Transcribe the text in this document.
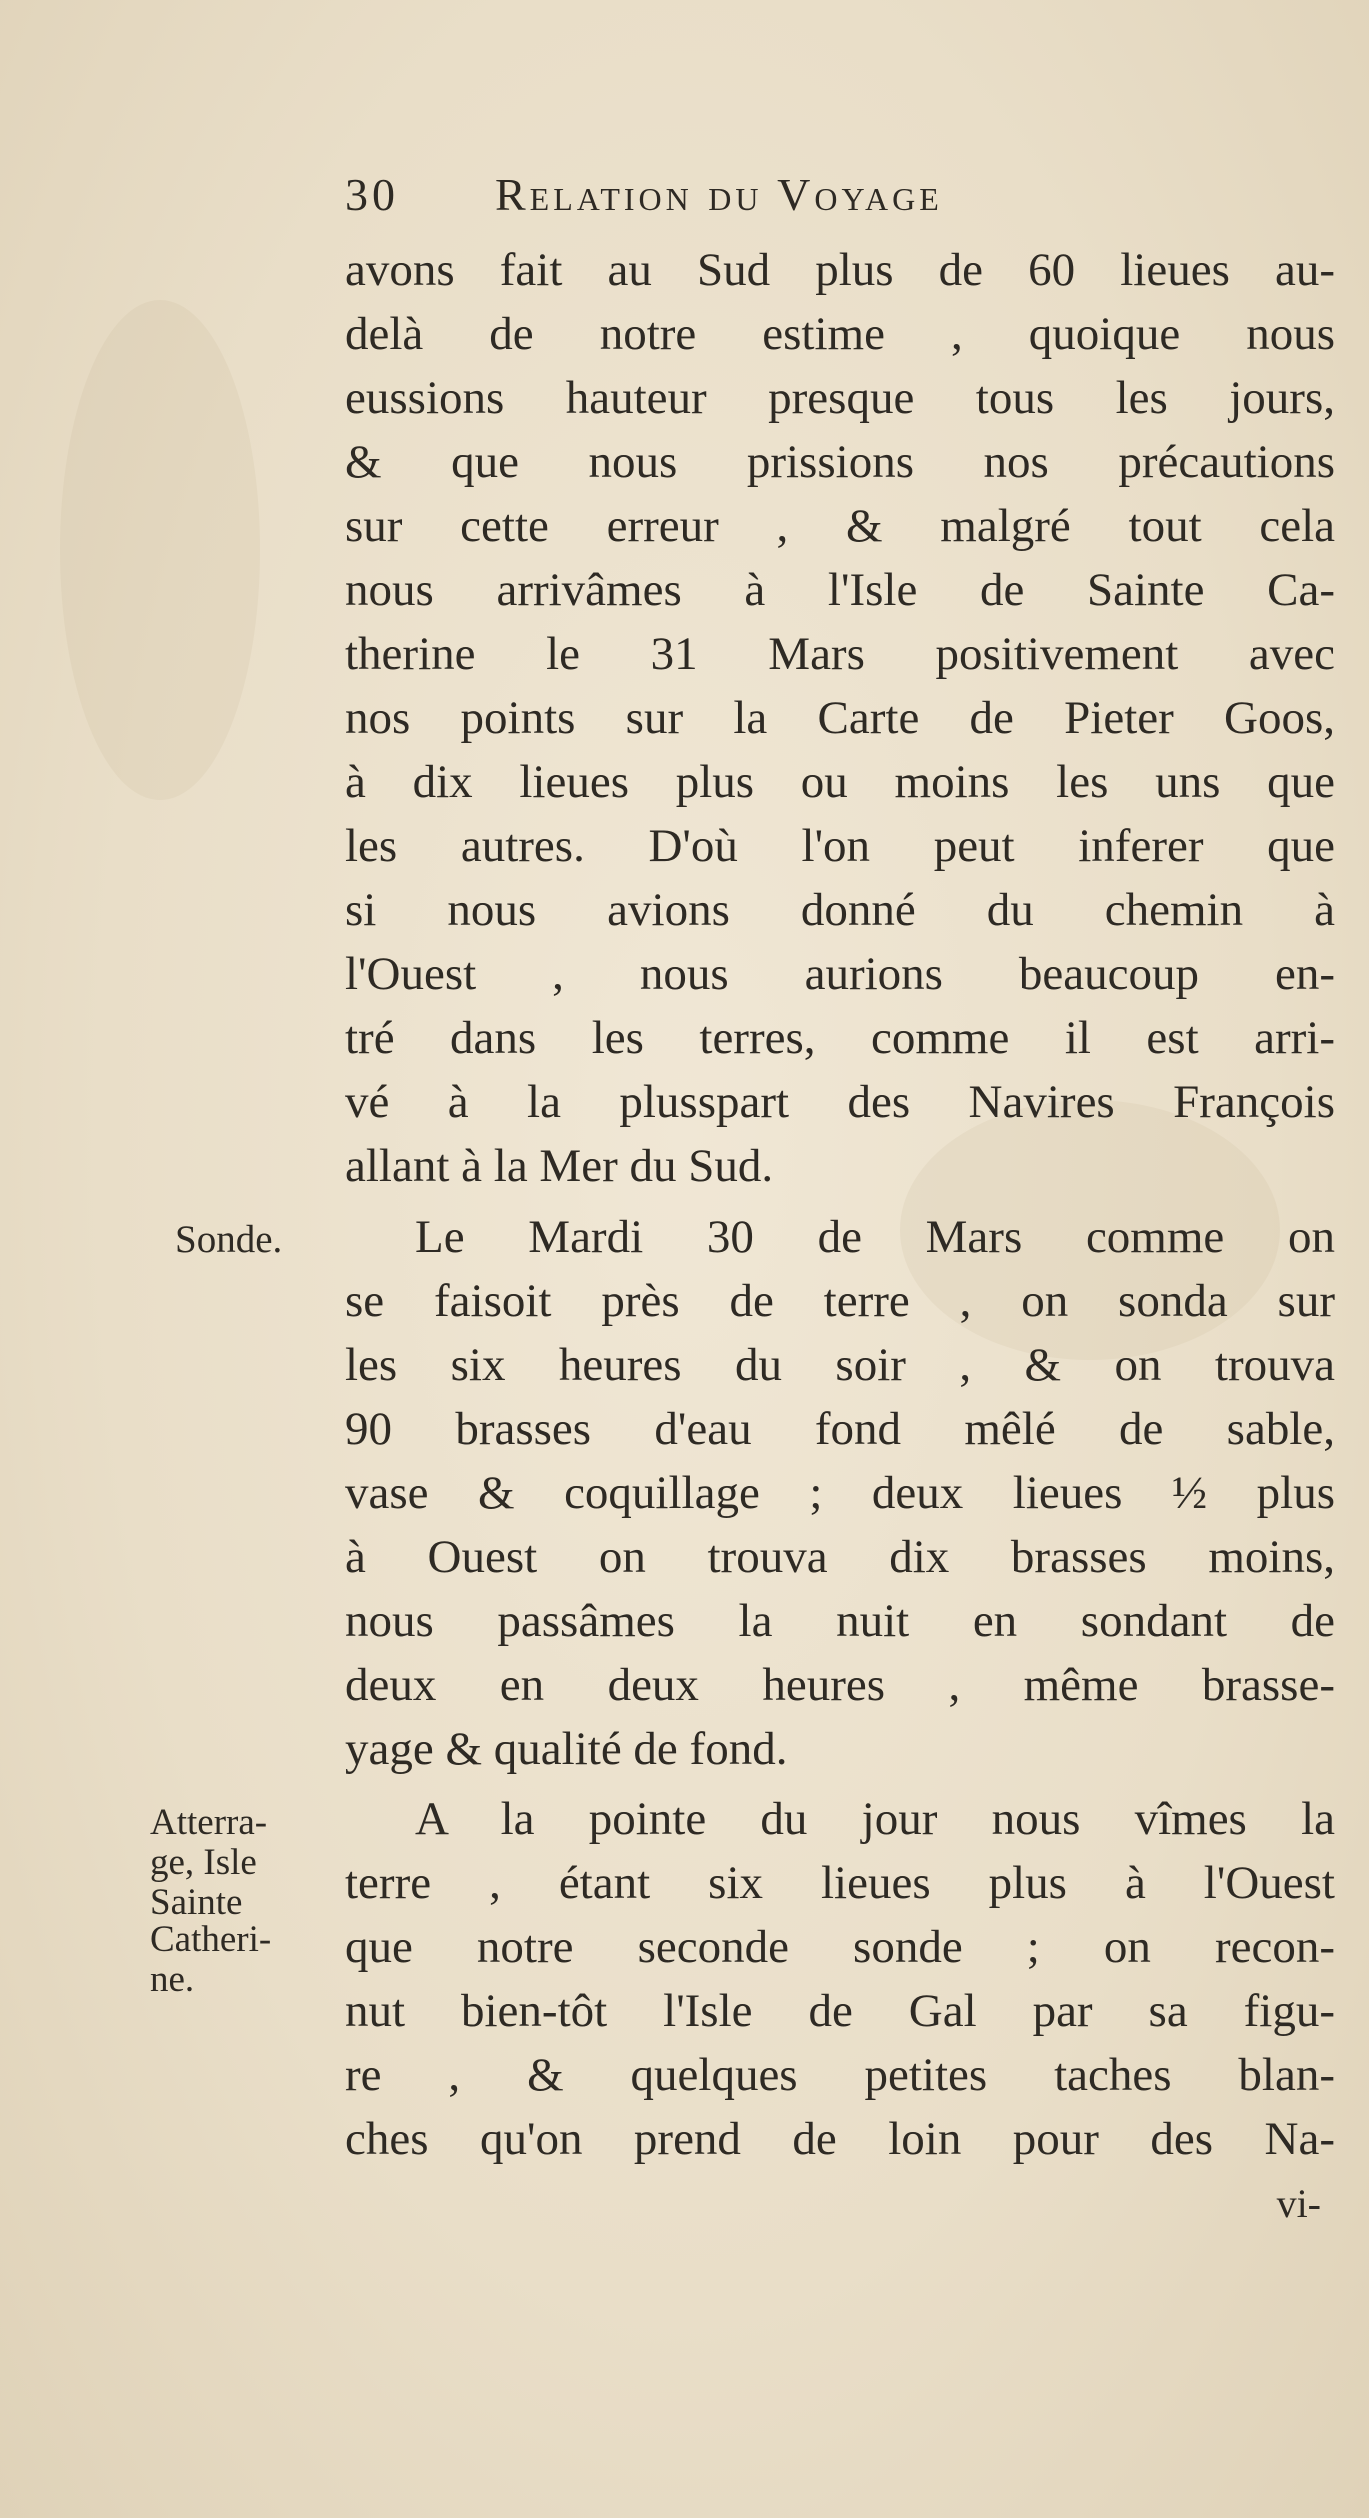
30 Relation du Voyage
avons fait au Sud plus de 60 lieues au-
delà de notre estime , quoique nous
eussions hauteur presque tous les jours,
& que nous prissions nos précautions
sur cette erreur , & malgré tout cela
nous arrivâmes à l'Isle de Sainte Ca-
therine le 31 Mars positivement avec
nos points sur la Carte de Pieter Goos,
à dix lieues plus ou moins les uns que
les autres. D'où l'on peut inferer que
si nous avions donné du chemin à
l'Ouest , nous aurions beaucoup en-
tré dans les terres, comme il est arri-
vé à la plusspart des Navires François
allant à la Mer du Sud.
Le Mardi 30 de Mars comme on
se faisoit près de terre , on sonda sur
les six heures du soir , & on trouva
90 brasses d'eau fond mêlé de sable,
vase & coquillage ; deux lieues ½ plus
à Ouest on trouva dix brasses moins,
nous passâmes la nuit en sondant de
deux en deux heures , même brasse-
yage & qualité de fond.
A la pointe du jour nous vîmes la
terre , étant six lieues plus à l'Ouest
que notre seconde sonde ; on recon-
nut bien-tôt l'Isle de Gal par sa figu-
re , & quelques petites taches blan-
ches qu'on prend de loin pour des Na-
vi-
Sonde.
Atterra-
ge, Isle
Sainte
Catheri-
ne.
